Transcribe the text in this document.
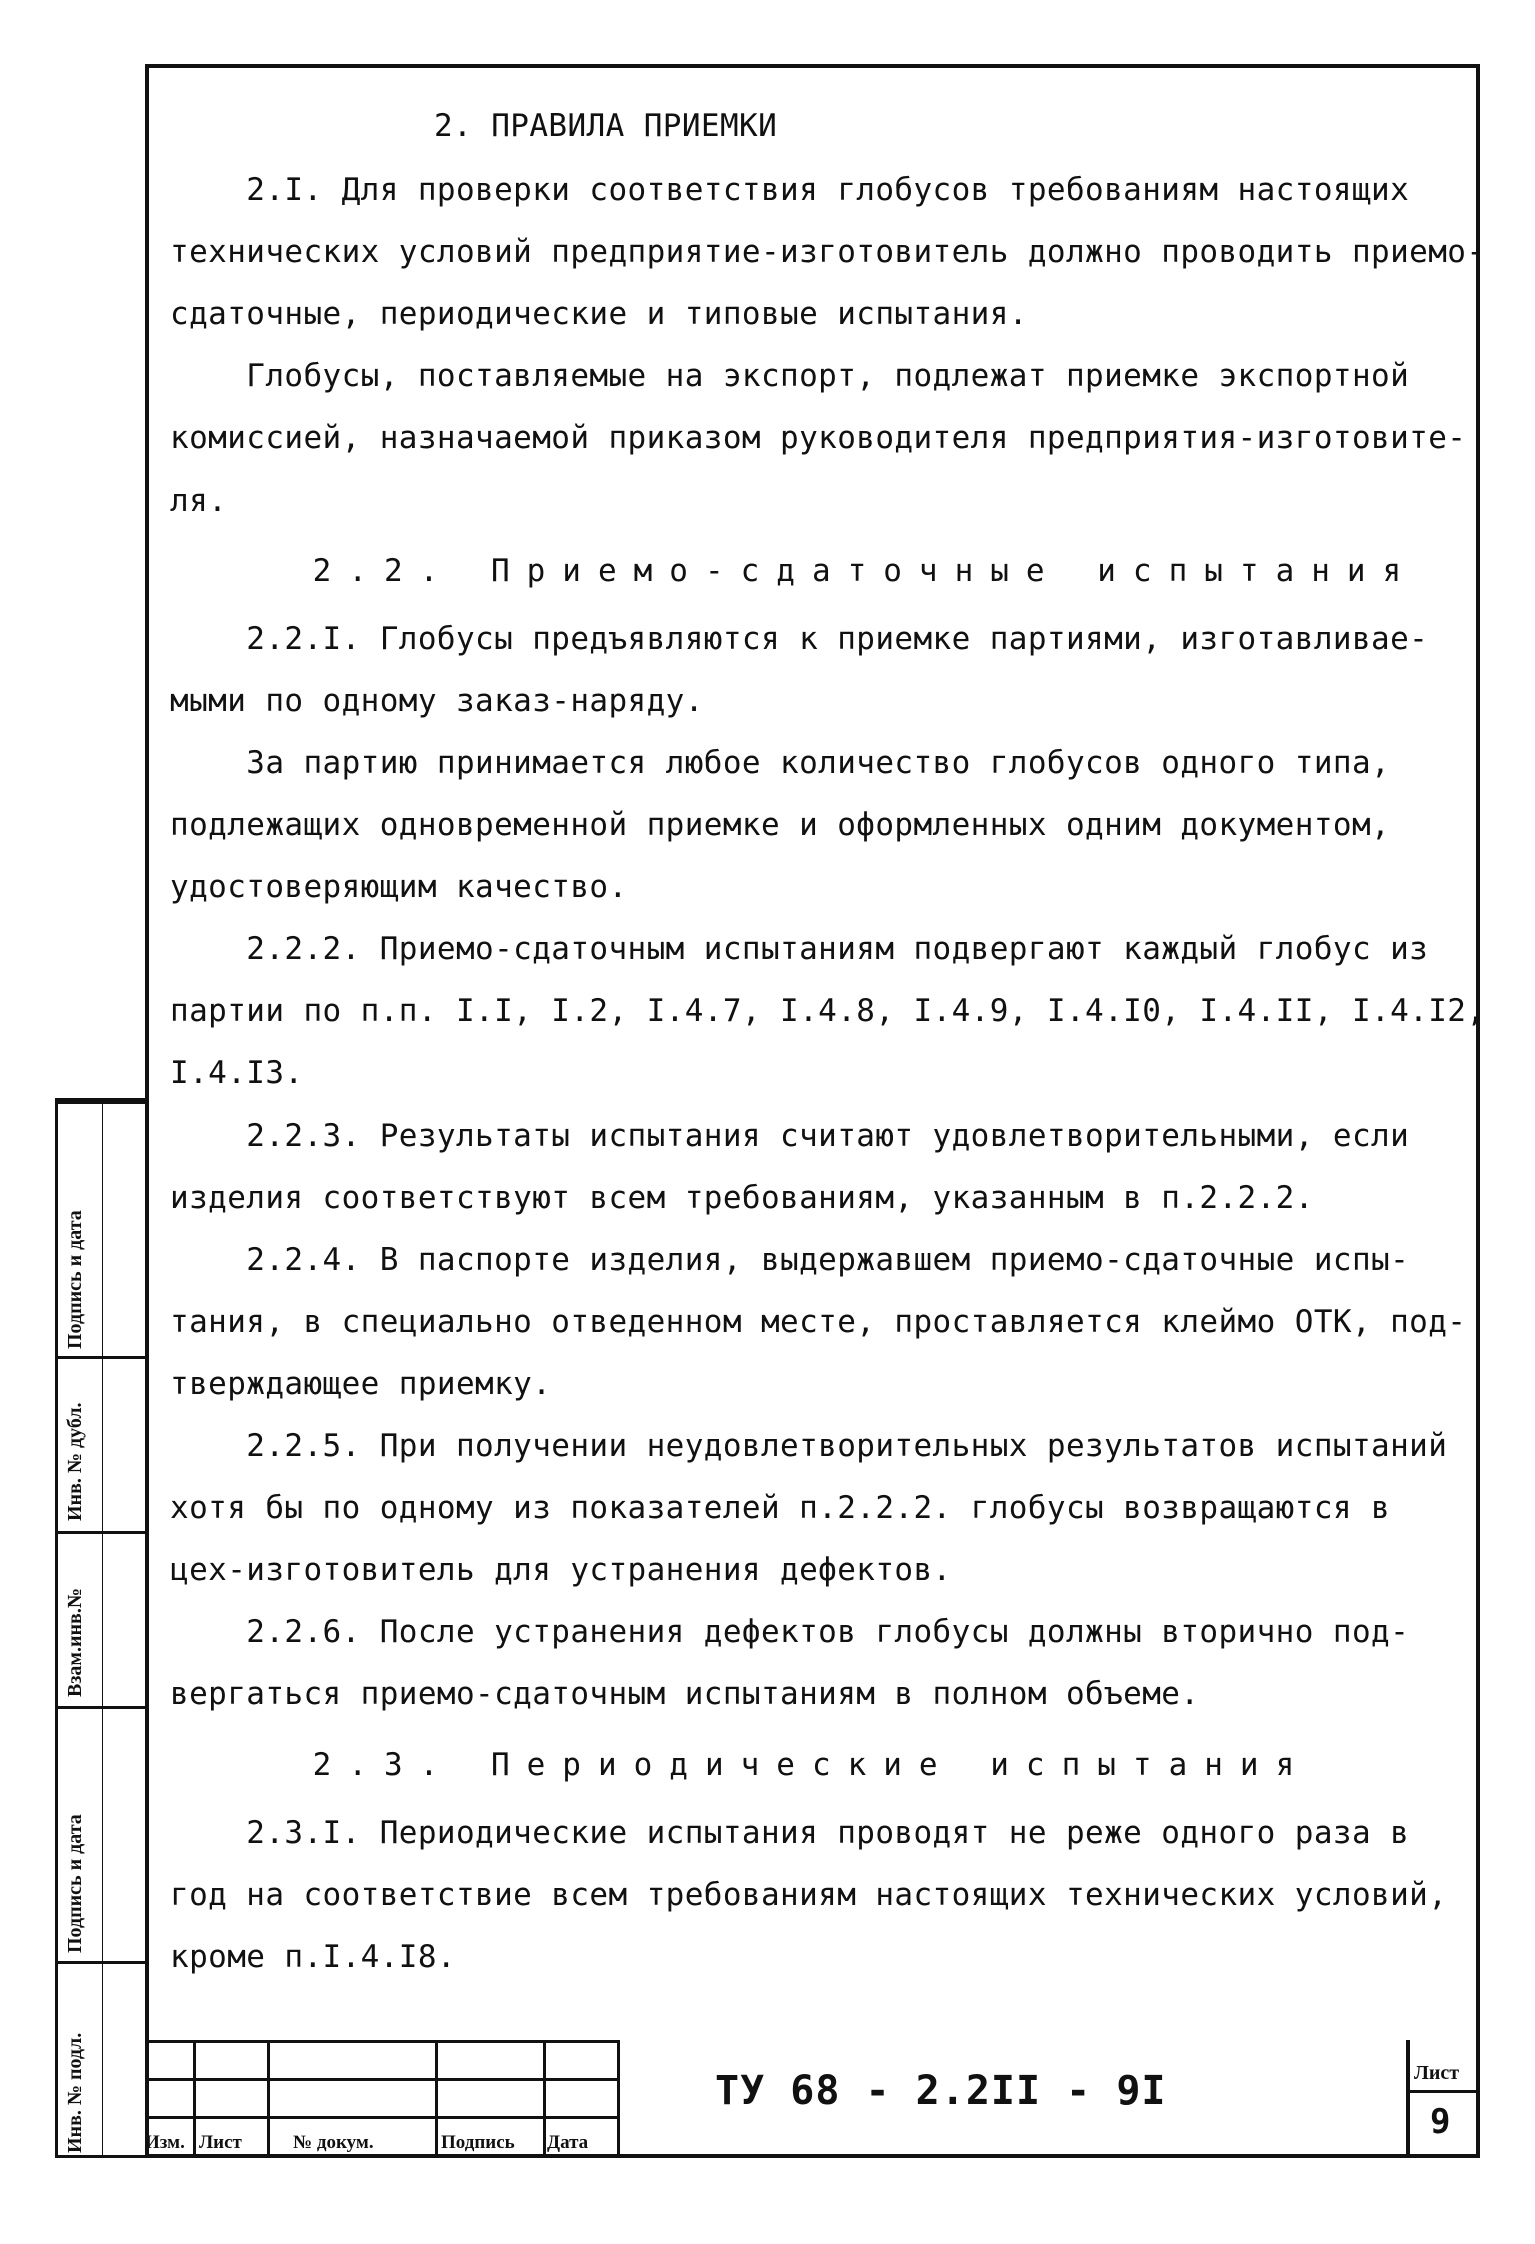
2. ПРАВИЛА ПРИЕМКИ
2.I. Для проверки соответствия глобусов требованиям настоящих
технических условий предприятие-изготовитель должно проводить приемо-
сдаточные, периодические и типовые испытания.
Глобусы, поставляемые на экспорт, подлежат приемке экспортной
комиссией, назначаемой приказом руководителя предприятия-изготовите-
ля.
2.2. Приемо-сдаточные испытания
2.2.I. Глобусы предъявляются к приемке партиями, изготавливае-
мыми по одному заказ-наряду.
За партию принимается любое количество глобусов одного типа,
подлежащих одновременной приемке и оформленных одним документом,
удостоверяющим качество.
2.2.2. Приемо-сдаточным испытаниям подвергают каждый глобус из
партии по п.п. I.I, I.2, I.4.7, I.4.8, I.4.9, I.4.I0, I.4.II, I.4.I2,
I.4.I3.
2.2.3. Результаты испытания считают удовлетворительными, если
изделия соответствуют всем требованиям, указанным в п.2.2.2.
2.2.4. В паспорте изделия, выдержавшем приемо-сдаточные испы-
тания, в специально отведенном месте, проставляется клеймо ОТК, под-
тверждающее приемку.
2.2.5. При получении неудовлетворительных результатов испытаний
хотя бы по одному из показателей п.2.2.2. глобусы возвращаются в
цех-изготовитель для устранения дефектов.
2.2.6. После устранения дефектов глобусы должны вторично под-
вергаться приемо-сдаточным испытаниям в полном объеме.
2.3. Периодические испытания
2.3.I. Периодические испытания проводят не реже одного раза в
год на соответствие всем требованиям настоящих технических условий,
кроме п.I.4.I8.
Подпись и дата
Инв. № дубл.
Взам.инв.№
Подпись и дата
Инв. № подл.	Изм. Лист	№ докум.	Подпись Дата
ТУ 68 - 2.2II - 9I	Лист
9
